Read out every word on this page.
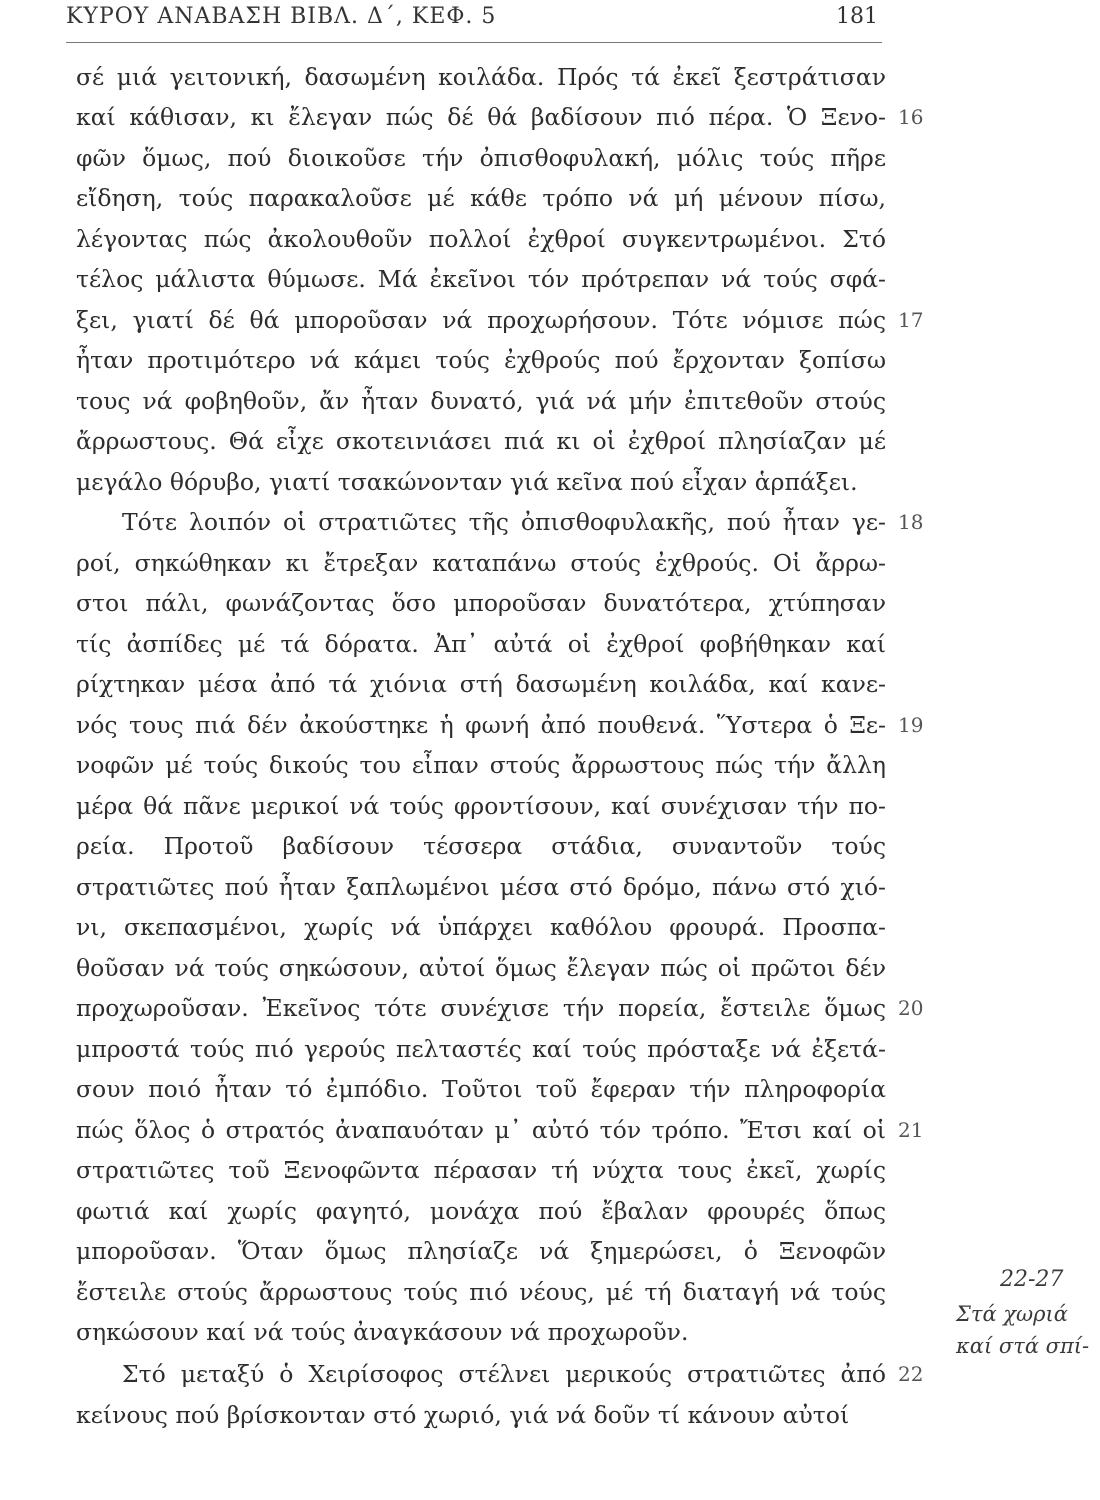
ΚΥΡΟΥ ΑΝΑΒΑΣΗ ΒΙΒΛ. Δ΄, ΚΕΦ. 5	181
σέ μιά γειτονική, δασωμένη κοιλάδα. Πρός τά ἐκεῖ ξεστράτισαν
καί κάθισαν, κι ἔλεγαν πώς δέ θά βαδίσουν πιό πέρα. Ὁ Ξενο-
φῶν ὅμως, πού διοικοῦσε τήν ὀπισθοφυλακή, μόλις τούς πῆρε
εἴδηση, τούς παρακαλοῦσε μέ κάθε τρόπο νά μή μένουν πίσω,
λέγοντας πώς ἀκολουθοῦν πολλοί ἐχθροί συγκεντρωμένοι. Στό
τέλος μάλιστα θύμωσε. Μά ἐκεῖνοι τόν πρότρεπαν νά τούς σφά-
ξει, γιατί δέ θά μποροῦσαν νά προχωρήσουν. Τότε νόμισε πώς
ἦταν προτιμότερο νά κάμει τούς ἐχθρούς πού ἔρχονταν ξοπίσω
τους νά φοβηθοῦν, ἄν ἦταν δυνατό, γιά νά μήν ἐπιτεθοῦν στούς
ἄρρωστους. Θά εἶχε σκοτεινιάσει πιά κι οἱ ἐχθροί πλησίαζαν μέ
μεγάλο θόρυβο, γιατί τσακώνονταν γιά κεῖνα πού εἶχαν ἁρπάξει.
Τότε λοιπόν οἱ στρατιῶτες τῆς ὀπισθοφυλακῆς, πού ἦταν γε-
ροί, σηκώθηκαν κι ἔτρεξαν καταπάνω στούς ἐχθρούς. Οἱ ἄρρω-
στοι πάλι, φωνάζοντας ὅσο μποροῦσαν δυνατότερα, χτύπησαν
τίς ἀσπίδες μέ τά δόρατα. Ἀπ᾽ αὐτά οἱ ἐχθροί φοβήθηκαν καί
ρίχτηκαν μέσα ἀπό τά χιόνια στή δασωμένη κοιλάδα, καί κανε-
νός τους πιά δέν ἀκούστηκε ἡ φωνή ἀπό πουθενά. Ὕστερα ὁ Ξε-
νοφῶν μέ τούς δικούς του εἶπαν στούς ἄρρωστους πώς τήν ἄλλη
μέρα θά πᾶνε μερικοί νά τούς φροντίσουν, καί συνέχισαν τήν πο-
ρεία. Προτοῦ βαδίσουν τέσσερα στάδια, συναντοῦν τούς
στρατιῶτες πού ἦταν ξαπλωμένοι μέσα στό δρόμο, πάνω στό χιό-
νι, σκεπασμένοι, χωρίς νά ὑπάρχει καθόλου φρουρά. Προσπα-
θοῦσαν νά τούς σηκώσουν, αὐτοί ὅμως ἔλεγαν πώς οἱ πρῶτοι δέν
προχωροῦσαν. Ἐκεῖνος τότε συνέχισε τήν πορεία, ἔστειλε ὅμως
μπροστά τούς πιό γερούς πελταστές καί τούς πρόσταξε νά ἐξετά-
σουν ποιό ἦταν τό ἐμπόδιο. Τοῦτοι τοῦ ἔφεραν τήν πληροφορία
πώς ὅλος ὁ στρατός ἀναπαυόταν μ᾽ αὐτό τόν τρόπο. Ἔτσι καί οἱ
στρατιῶτες τοῦ Ξενοφῶντα πέρασαν τή νύχτα τους ἐκεῖ, χωρίς
φωτιά καί χωρίς φαγητό, μονάχα πού ἔβαλαν φρουρές ὅπως
μποροῦσαν. Ὅταν ὅμως πλησίαζε νά ξημερώσει, ὁ Ξενοφῶν
ἔστειλε στούς ἄρρωστους τούς πιό νέους, μέ τή διαταγή νά τούς
σηκώσουν καί νά τούς ἀναγκάσουν νά προχωροῦν.
Στό μεταξύ ὁ Χειρίσοφος στέλνει μερικούς στρατιῶτες ἀπό
κείνους πού βρίσκονταν στό χωριό, γιά νά δοῦν τί κάνουν αὐτοί
16
17
18
19
20
21
22
22-27
Στά χωριά
καί στά σπί-
